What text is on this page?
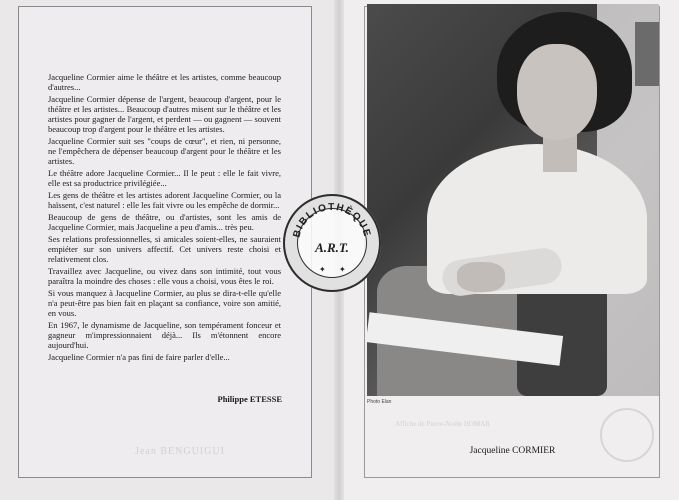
Jacqueline Cormier aime le théâtre et les artistes, comme beaucoup d'autres...

Jacqueline Cormier dépense de l'argent, beaucoup d'argent, pour le théâtre et les artistes... Beaucoup d'autres misent sur le théâtre et les artistes pour gagner de l'argent, et perdent — ou gagnent — souvent beaucoup trop d'argent pour le théâtre et les artistes.

Jacqueline Cormier suit ses "coups de cœur", et rien, ni personne, ne l'empêchera de dépenser beaucoup d'argent pour le théâtre et les artistes.

Le théâtre adore Jacqueline Cormier... Il le peut : elle le fait vivre, elle est sa productrice privilégiée...

Les gens de théâtre et les artistes adorent Jacqueline Cormier, ou la haïssent, c'est naturel : elle les fait vivre ou les empêche de dormir...

Beaucoup de gens de théâtre, ou d'artistes, sont les amis de Jacqueline Cormier, mais Jacqueline a peu d'amis... très peu.

Ses relations professionnelles, si amicales soient-elles, ne sauraient empiéter sur son univers affectif. Cet univers reste choisi et relativement clos.

Travaillez avec Jacqueline, ou vivez dans son intimité, tout vous paraîtra la moindre des choses : elle vous a choisi, vous êtes le roi.

Si vous manquez à Jacqueline Cormier, au plus se dira-t-elle qu'elle n'a peut-être pas bien fait en plaçant sa confiance, voire son amitié, en vous.

En 1967, le dynamisme de Jacqueline, son tempérament fonceur et gagneur m'impressionnaient déjà... Ils m'étonnent encore aujourd'hui.

Jacqueline Cormier n'a pas fini de faire parler d'elle...

Philippe ETESSE
Jean BENGUIGUI
Photo Elan
Jacqueline CORMIER
Affiche de Pierre-Noële HOMAR
BIBLIOTHÈQUE
A.R.T.
✦ ✦
